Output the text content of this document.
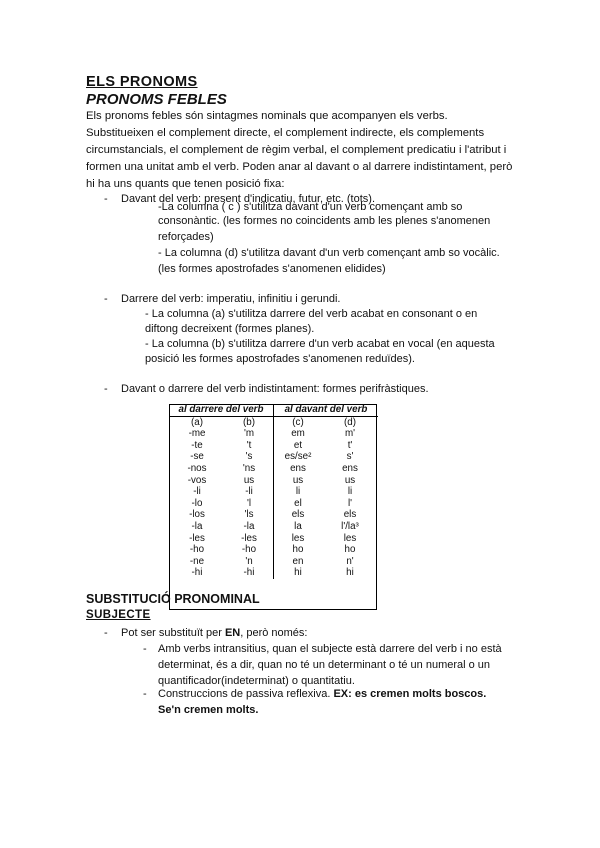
ELS PRONOMS
PRONOMS FEBLES
Els pronoms febles són sintagmes nominals que acompanyen els verbs.
Substitueixen el complement directe, el complement indirecte, els complements
circumstancials, el complement de règim verbal, el complement predicatiu i l'atribut i
formen una unitat amb el verb. Poden anar al davant o al darrere indistintament, però
hi ha uns quants que tenen posició fixa:
- Davant del verb: present d'indicatiu, futur, etc. (tots).
-La columna ( c ) s'utilitza davant d'un verb començant amb so
consonàntic. (les formes no coincidents amb les plenes s'anomenen
reforçades)
- La columna (d) s'utilitza davant d'un verb començant amb so vocàlic.
(les formes apostrofades s'anomenen elidides)
- Darrere del verb: imperatiu, infinitiu i gerundi.
- La columna (a) s'utilitza darrere del verb acabat en consonant o en
diftong decreixent (formes planes).
- La columna (b) s'utilitza darrere d'un verb acabat en vocal (en aquesta
posició les formes apostrofades s'anomenen reduïdes).
- Davant o darrere del verb indistintament: formes perifràstiques.
al darrere del verb		al davant del verb	
(a)	(b)	(c)	(d)
-me	'm	em	m'
-te	't	et	t'
-se	's	es/se²	s'
-nos	'ns	ens	ens
-vos	us	us	us
-li	-li	li	li
-lo	'l	el	l'
-los	'ls	els	els
-la	-la	la	l'/la³
-les	-les	les	les
-ho	-ho	ho	ho
-ne	'n	en	n'
-hi	-hi	hi	hi
SUBSTITUCIÓ PRONOMINAL
SUBJECTE
- Pot ser substituït per EN, però només:
- Amb verbs intransitius, quan el subjecte està darrere del verb i no està
determinat, és a dir, quan no té un determinant o té un numeral o un
quantificador(indeterminat) o quantitatiu.
- Construccions de passiva reflexiva. EX: es cremen molts boscos.
Se'n cremen molts.
